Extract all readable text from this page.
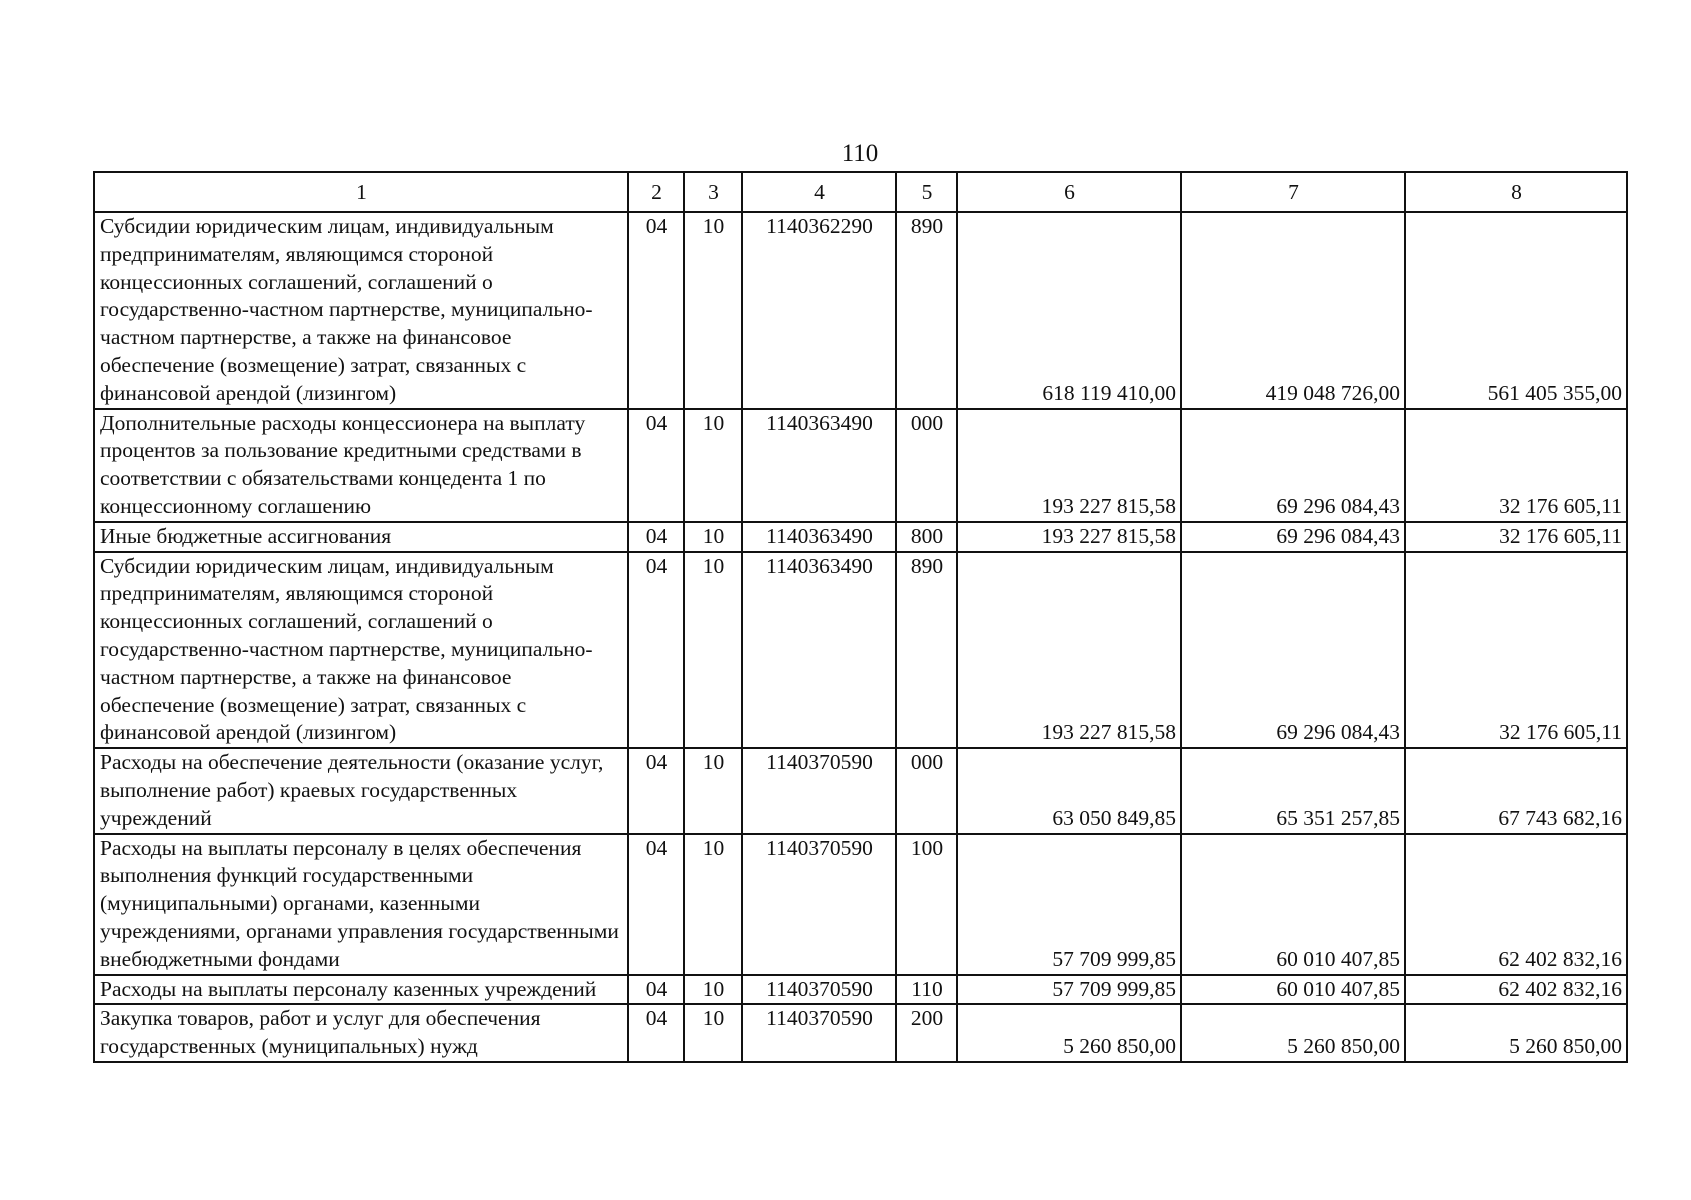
110
1	2	3	4	5	6	7	8
Субсидии юридическим лицам, индивидуальным предпринимателям, являющимся стороной концессионных соглашений, соглашений о государственно-частном партнерстве, муниципально-частном партнерстве, а также на финансовое обеспечение (возмещение) затрат, связанных с финансовой арендой (лизингом)	04	10	1140362290	890	618 119 410,00	419 048 726,00	561 405 355,00
Дополнительные расходы концессионера на выплату процентов за пользование кредитными средствами в соответствии с обязательствами концедента 1 по концессионному соглашению	04	10	1140363490	000	193 227 815,58	69 296 084,43	32 176 605,11
Иные бюджетные ассигнования	04	10	1140363490	800	193 227 815,58	69 296 084,43	32 176 605,11
Субсидии юридическим лицам, индивидуальным предпринимателям, являющимся стороной концессионных соглашений, соглашений о государственно-частном партнерстве, муниципально-частном партнерстве, а также на финансовое обеспечение (возмещение) затрат, связанных с финансовой арендой (лизингом)	04	10	1140363490	890	193 227 815,58	69 296 084,43	32 176 605,11
Расходы на обеспечение деятельности (оказание услуг, выполнение работ) краевых государственных учреждений	04	10	1140370590	000	63 050 849,85	65 351 257,85	67 743 682,16
Расходы на выплаты персоналу в целях обеспечения выполнения функций государственными (муниципальными) органами, казенными учреждениями, органами управления государственными внебюджетными фондами	04	10	1140370590	100	57 709 999,85	60 010 407,85	62 402 832,16
Расходы на выплаты персоналу казенных учреждений	04	10	1140370590	110	57 709 999,85	60 010 407,85	62 402 832,16
Закупка товаров, работ и услуг для обеспечения государственных (муниципальных) нужд	04	10	1140370590	200	5 260 850,00	5 260 850,00	5 260 850,00
